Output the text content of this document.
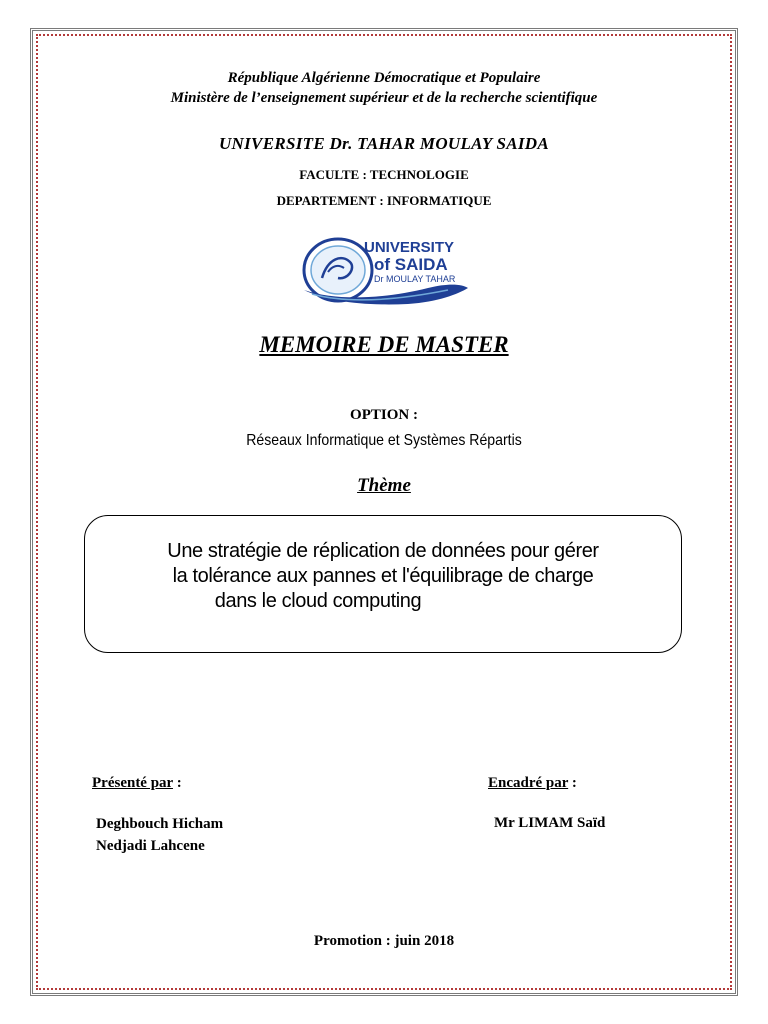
République Algérienne Démocratique et Populaire
Ministère de l’enseignement supérieur et de la recherche scientifique
UNIVERSITE Dr. TAHAR MOULAY SAIDA
FACULTE : TECHNOLOGIE
DEPARTEMENT : INFORMATIQUE
UNIVERSITY
of SAIDA
Dr MOULAY TAHAR
MEMOIRE DE MASTER
OPTION :
Réseaux Informatique et Systèmes Répartis
Thème
Une stratégie de réplication de données pour gérer
la tolérance aux pannes et l'équilibrage de charge
dans le cloud computing
Présenté par :	Encadré par :
Deghbouch Hicham
Nedjadi Lahcene
Mr LIMAM Saïd
Promotion : juin 2018
